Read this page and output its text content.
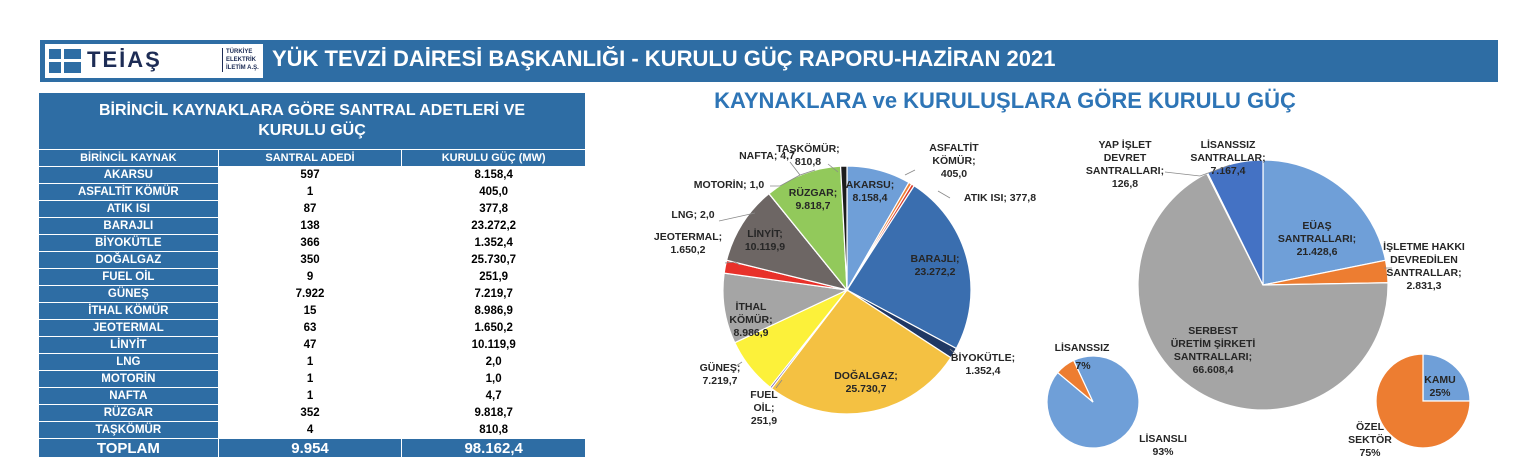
TEİAŞ	TÜRKİYE
ELEKTRİK
İLETİM A.Ş. YÜK TEVZİ DAİRESİ BAŞKANLIĞI - KURULU GÜÇ RAPORU-HAZİRAN 2021
BİRİNCİL KAYNAKLARA GÖRE SANTRAL ADETLERİ VE KURULU GÜÇ		
BİRİNCİL KAYNAK	SANTRAL ADEDİ	KURULU GÜÇ (MW)
AKARSU	597	8.158,4
ASFALTİT KÖMÜR	1	405,0
ATIK ISI	87	377,8
BARAJLI	138	23.272,2
BİYOKÜTLE	366	1.352,4
DOĞALGAZ	350	25.730,7
FUEL OİL	9	251,9
GÜNEŞ	7.922	7.219,7
İTHAL KÖMÜR	15	8.986,9
JEOTERMAL	63	1.650,2
LİNYİT	47	10.119,9
LNG	1	2,0
MOTORİN	1	1,0
NAFTA	1	4,7
RÜZGAR	352	9.818,7
TAŞKÖMÜR	4	810,8
TOPLAM	9.954	98.162,4
KAYNAKLARA ve KURULUŞLARA GÖRE KURULU GÜÇ
AKARSU; 8.158,4
ASFALTİT KÖMÜR; 405,0
ATIK ISI; 377,8
BARAJLI; 23.272,2
BİYOKÜTLE; 1.352,4
DOĞALGAZ; 25.730,7
FUEL OİL; 251,9
GÜNEŞ; 7.219,7
İTHAL KÖMÜR; 8.986,9
JEOTERMAL; 1.650,2
LİNYİT; 10.119,9
LNG; 2,0
MOTORİN; 1,0
NAFTA; 4,7
RÜZGAR; 9.818,7
TAŞKÖMÜR; 810,8
EÜAŞ SANTRALLARI; 21.428,6	İŞLETME HAKKI DEVREDİLEN SANTRALLAR; 2.831,3
SERBEST ÜRETİM ŞİRKETİ SANTRALLARI; 66.608,4
YAP İŞLET DEVRET SANTRALLARI; 126,8
LİSANSSIZ SANTRALLAR; 7.167,4
LİSANSSIZ
7%
LİSANSLI 93%
KAMU 25%
ÖZEL SEKTÖR 75%
